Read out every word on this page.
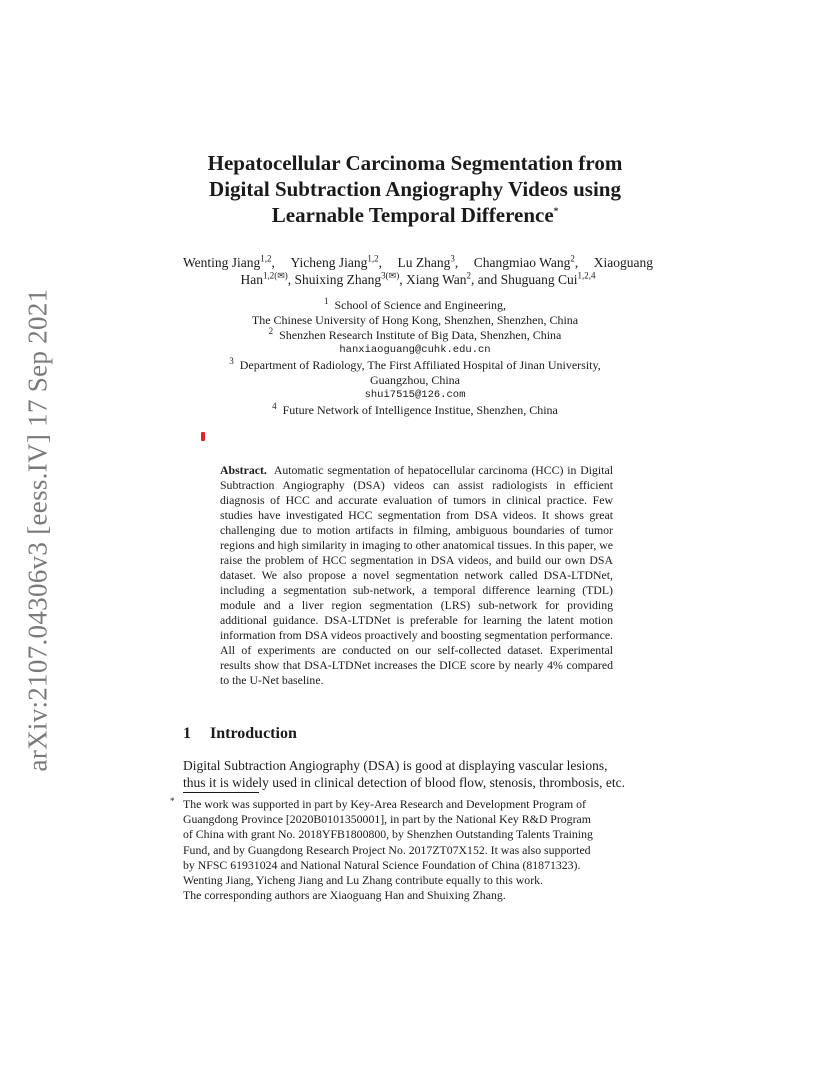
arXiv:2107.04306v3 [eess.IV] 17 Sep 2021
Hepatocellular Carcinoma Segmentation from
Digital Subtraction Angiography Videos using
Learnable Temporal Difference*
Wenting Jiang$^{1,2}$, Yicheng Jiang$^{1,2}$, Lu Zhang$^3$, Changmiao Wang$^2$, Xiaoguang
Han$^{1,2(✉)}$, Shuixing Zhang$^{3(✉)}$, Xiang Wan$^2$, and Shuguang Cui$^{1,2,4}$
$^1$ School of Science and Engineering,
The Chinese University of Hong Kong, Shenzhen, Shenzhen, China
$^2$ Shenzhen Research Institute of Big Data, Shenzhen, China
hanxiaoguang@cuhk.edu.cn
$^3$ Department of Radiology, The First Affiliated Hospital of Jinan University,
Guangzhou, China
shui7515@126.com
$^4$ Future Network of Intelligence Institue, Shenzhen, China

Abstract. Automatic segmentation of hepatocellular carcinoma (HCC) in Digital Subtraction Angiography (DSA) videos can assist radiologists in efficient diagnosis of HCC and accurate evaluation of tumors in clinical practice. Few studies have investigated HCC segmentation from DSA videos. It shows great challenging due to motion artifacts in filming, ambiguous boundaries of tumor regions and high similarity in imaging to other anatomical tissues. In this paper, we raise the problem of HCC segmentation in DSA videos, and build our own DSA dataset. We also propose a novel segmentation network called DSA-LTDNet, including a segmentation sub-network, a temporal difference learning (TDL) module and a liver region segmentation (LRS) sub-network for providing additional guidance. DSA-LTDNet is preferable for learning the latent motion information from DSA videos proactively and boosting segmentation performance. All of experiments are conducted on our self-collected dataset. Experimental results show that DSA-LTDNet increases the DICE score by nearly 4% compared to the U-Net baseline.

1 Introduction
Digital Subtraction Angiography (DSA) is good at displaying vascular lesions,
thus it is widely used in clinical detection of blood flow, stenosis, thrombosis, etc.
* The work was supported in part by Key-Area Research and Development Program of
Guangdong Province [2020B0101350001], in part by the National Key R&D Program
of China with grant No. 2018YFB1800800, by Shenzhen Outstanding Talents Training
Fund, and by Guangdong Research Project No. 2017ZT07X152. It was also supported
by NFSC 61931024 and National Natural Science Foundation of China (81871323).
Wenting Jiang, Yicheng Jiang and Lu Zhang contribute equally to this work.
The corresponding authors are Xiaoguang Han and Shuixing Zhang.
